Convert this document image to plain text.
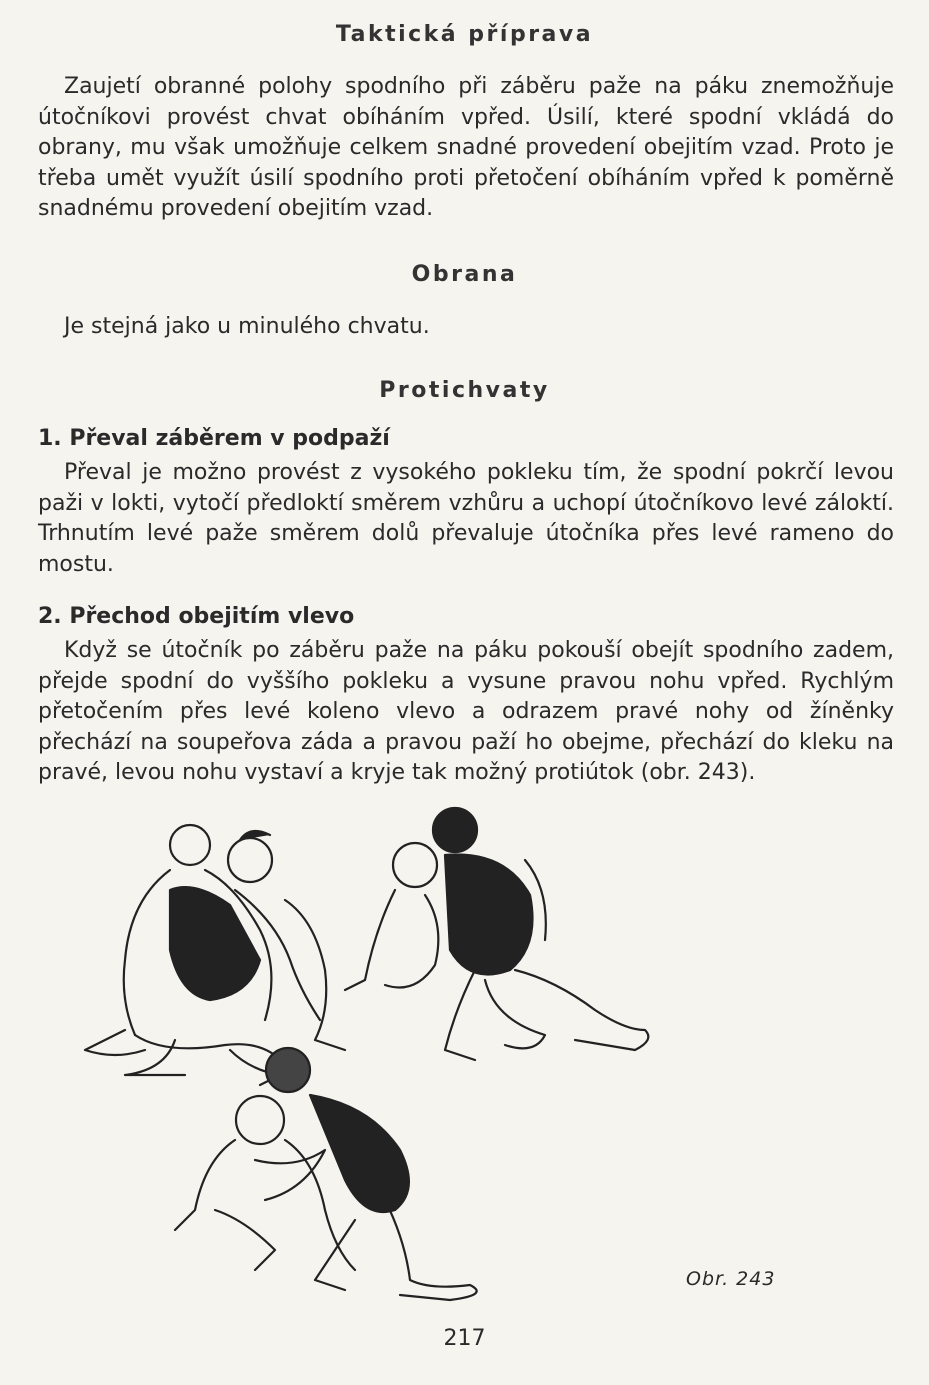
Taktická příprava

Zaujetí obranné polohy spodního při záběru paže na páku znemožňuje útočníkovi provést chvat obíháním vpřed. Úsilí, které spodní vkládá do obrany, mu však umožňuje celkem snadné provedení obejitím vzad. Proto je třeba umět využít úsilí spodního proti přetočení obíháním vpřed k poměrně snadnému provedení obejitím vzad.

Obrana

Je stejná jako u minulého chvatu.

Protichvaty

1. Převal záběrem v podpaží

Převal je možno provést z vysokého pokleku tím, že spodní pokrčí levou paži v lokti, vytočí předloktí směrem vzhůru a uchopí útočníkovo levé záloktí. Trhnutím levé paže směrem dolů převaluje útočníka přes levé rameno do mostu.

2. Přechod obejitím vlevo

Když se útočník po záběru paže na páku pokouší obejít spodního zadem, přejde spodní do vyššího pokleku a vysune pravou nohu vpřed. Rychlým přetočením přes levé koleno vlevo a odrazem pravé nohy od žíněnky přechází na soupeřova záda a pravou paží ho obejme, přechází do kleku na pravé, levou nohu vystaví a kryje tak možný protiútok (obr. 243).

Obr. 243
217
